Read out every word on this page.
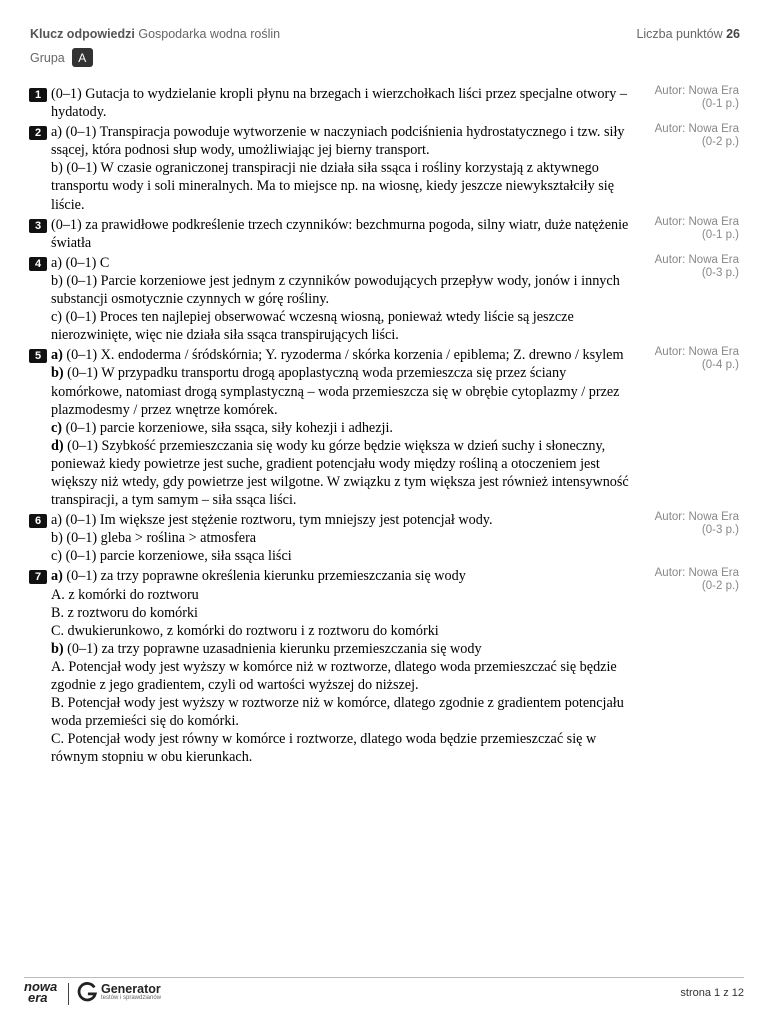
Klucz odpowiedzi Gospodarka wodna roślin	Liczba punktów 26
Grupa	A
1 (0–1) Gutacja to wydzielanie kropli płynu na brzegach i wierzchołkach liści przez specjalne otwory – hydatody.

Autor: Nowa Era
(0-1 p.)
2 a) (0–1) Transpiracja powoduje wytworzenie w naczyniach podciśnienia hydrostatycznego i tzw. siły ssącej, która podnosi słup wody, umożliwiając jej bierny transport.

b) (0–1) W czasie ograniczonej transpiracji nie działa siła ssąca i rośliny korzystają z aktywnego transportu wody i soli mineralnych. Ma to miejsce np. na wiosnę, kiedy jeszcze niewykształciły się liście.

Autor: Nowa Era
(0-2 p.)
3 (0–1) za prawidłowe podkreślenie trzech czynników: bezchmurna pogoda, silny wiatr, duże natężenie światła

Autor: Nowa Era
(0-1 p.)
4 a) (0–1) C

b) (0–1) Parcie korzeniowe jest jednym z czynników powodujących przepływ wody, jonów i innych substancji osmotycznie czynnych w górę rośliny.

c) (0–1) Proces ten najlepiej obserwować wczesną wiosną, ponieważ wtedy liście są jeszcze nierozwinięte, więc nie działa siła ssąca transpirujących liści.

Autor: Nowa Era
(0-3 p.)
5 a) (0–1) X. endoderma / śródskórnia; Y. ryzoderma / skórka korzenia / epiblema; Z. drewno / ksylem

b) (0–1) W przypadku transportu drogą apoplastyczną woda przemieszcza się przez ściany komórkowe, natomiast drogą symplastyczną – woda przemieszcza się w obrębie cytoplazmy / przez plazmodesmy / przez wnętrze komórek.

c) (0–1) parcie korzeniowe, siła ssąca, siły kohezji i adhezji.

d) (0–1) Szybkość przemieszczania się wody ku górze będzie większa w dzień suchy i słoneczny, ponieważ kiedy powietrze jest suche, gradient potencjału wody między rośliną a otoczeniem jest większy niż wtedy, gdy powietrze jest wilgotne. W związku z tym większa jest również intensywność transpiracji, a tym samym – siła ssąca liści.

Autor: Nowa Era
(0-4 p.)
6 a) (0–1) Im większe jest stężenie roztworu, tym mniejszy jest potencjał wody.

b) (0–1) gleba > roślina > atmosfera

c) (0–1) parcie korzeniowe, siła ssąca liści

Autor: Nowa Era
(0-3 p.)
7 a) (0–1) za trzy poprawne określenia kierunku przemieszczania się wody

A. z komórki do roztworu

B. z roztworu do komórki

C. dwukierunkowo, z komórki do roztworu i z roztworu do komórki

b) (0–1) za trzy poprawne uzasadnienia kierunku przemieszczania się wody

A. Potencjał wody jest wyższy w komórce niż w roztworze, dlatego woda przemieszczać się będzie zgodnie z jego gradientem, czyli od wartości wyższej do niższej.

B. Potencjał wody jest wyższy w roztworze niż w komórce, dlatego zgodnie z gradientem potencjału woda przemieści się do komórki.

C. Potencjał wody jest równy w komórce i roztworze, dlatego woda będzie przemieszczać się w równym stopniu w obu kierunkach.

Autor: Nowa Era
(0-2 p.)
nowa
era
Generator
testów i sprawdzianów	strona 1 z 12
